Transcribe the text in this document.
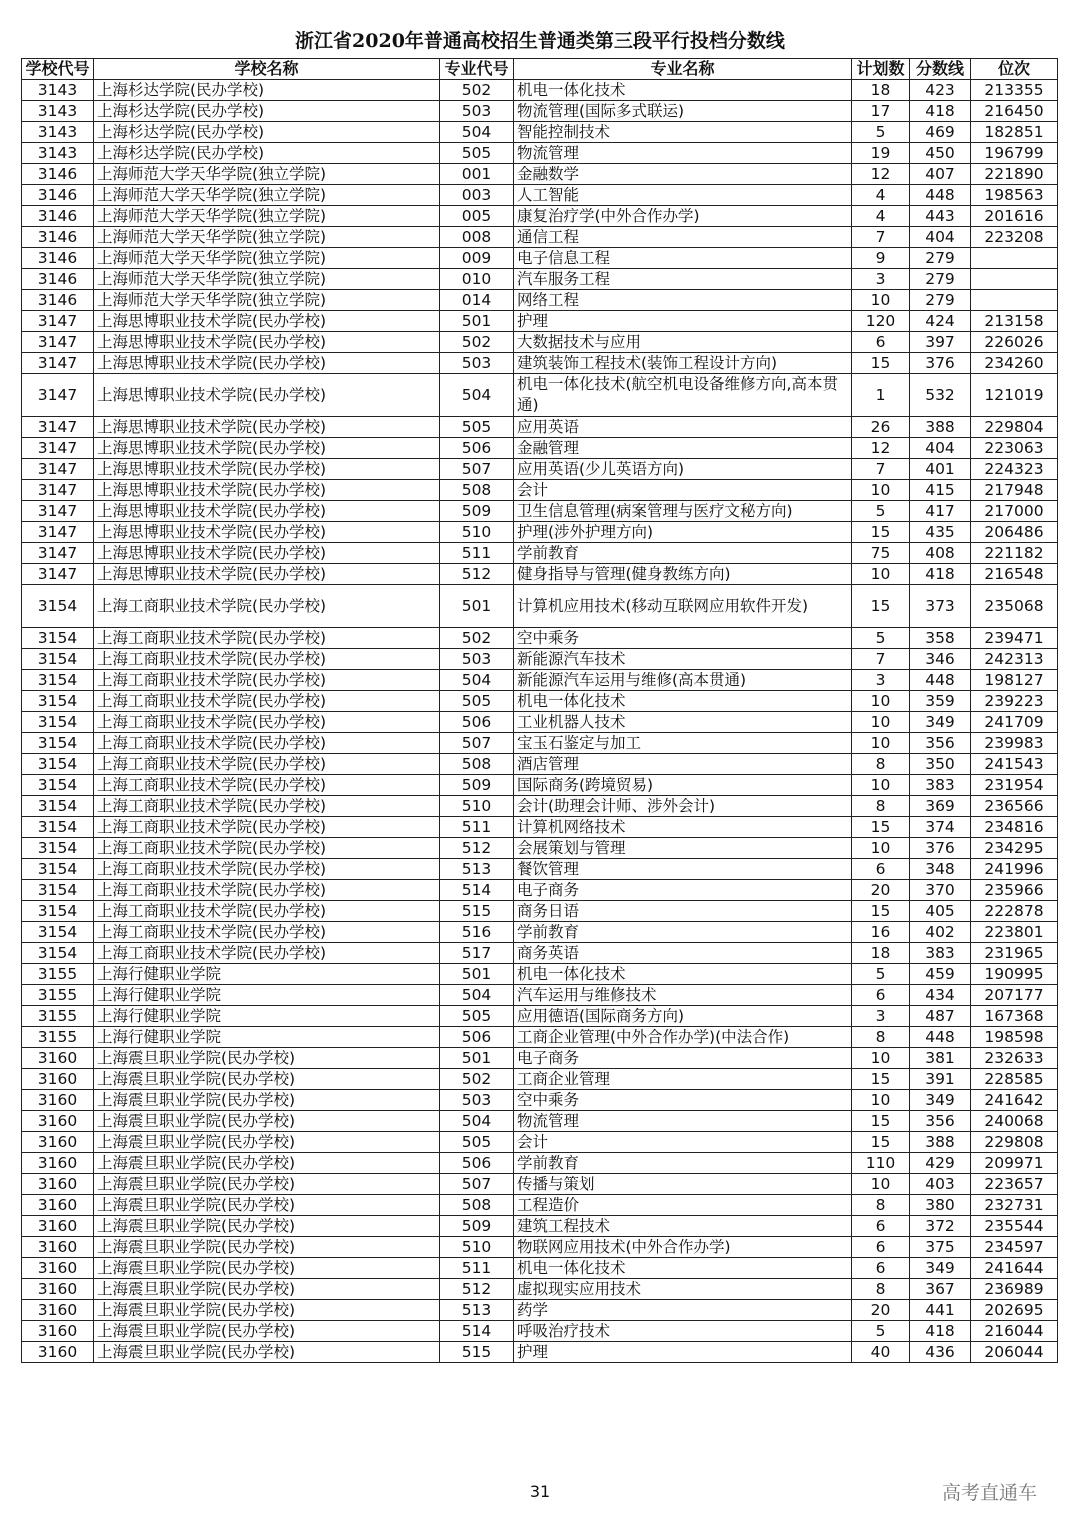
浙江省2020年普通高校招生普通类第三段平行投档分数线
学校代号	学校名称	专业代号	专业名称	计划数	分数线	位次
3143	上海杉达学院(民办学校)	502	机电一体化技术	18	423	213355
3143	上海杉达学院(民办学校)	503	物流管理(国际多式联运)	17	418	216450
3143	上海杉达学院(民办学校)	504	智能控制技术	5	469	182851
3143	上海杉达学院(民办学校)	505	物流管理	19	450	196799
3146	上海师范大学天华学院(独立学院)	001	金融数学	12	407	221890
3146	上海师范大学天华学院(独立学院)	003	人工智能	4	448	198563
3146	上海师范大学天华学院(独立学院)	005	康复治疗学(中外合作办学)	4	443	201616
3146	上海师范大学天华学院(独立学院)	008	通信工程	7	404	223208
3146	上海师范大学天华学院(独立学院)	009	电子信息工程	9	279	
3146	上海师范大学天华学院(独立学院)	010	汽车服务工程	3	279	
3146	上海师范大学天华学院(独立学院)	014	网络工程	10	279	
3147	上海思博职业技术学院(民办学校)	501	护理	120	424	213158
3147	上海思博职业技术学院(民办学校)	502	大数据技术与应用	6	397	226026
3147	上海思博职业技术学院(民办学校)	503	建筑装饰工程技术(装饰工程设计方向)	15	376	234260
3147	上海思博职业技术学院(民办学校)	504	机电一体化技术(航空机电设备维修方向,高本贯通)	1	532	121019
3147	上海思博职业技术学院(民办学校)	505	应用英语	26	388	229804
3147	上海思博职业技术学院(民办学校)	506	金融管理	12	404	223063
3147	上海思博职业技术学院(民办学校)	507	应用英语(少儿英语方向)	7	401	224323
3147	上海思博职业技术学院(民办学校)	508	会计	10	415	217948
3147	上海思博职业技术学院(民办学校)	509	卫生信息管理(病案管理与医疗文秘方向)	5	417	217000
3147	上海思博职业技术学院(民办学校)	510	护理(涉外护理方向)	15	435	206486
3147	上海思博职业技术学院(民办学校)	511	学前教育	75	408	221182
3147	上海思博职业技术学院(民办学校)	512	健身指导与管理(健身教练方向)	10	418	216548
3154	上海工商职业技术学院(民办学校)	501	计算机应用技术(移动互联网应用软件开发)	15	373	235068
3154	上海工商职业技术学院(民办学校)	502	空中乘务	5	358	239471
3154	上海工商职业技术学院(民办学校)	503	新能源汽车技术	7	346	242313
3154	上海工商职业技术学院(民办学校)	504	新能源汽车运用与维修(高本贯通)	3	448	198127
3154	上海工商职业技术学院(民办学校)	505	机电一体化技术	10	359	239223
3154	上海工商职业技术学院(民办学校)	506	工业机器人技术	10	349	241709
3154	上海工商职业技术学院(民办学校)	507	宝玉石鉴定与加工	10	356	239983
3154	上海工商职业技术学院(民办学校)	508	酒店管理	8	350	241543
3154	上海工商职业技术学院(民办学校)	509	国际商务(跨境贸易)	10	383	231954
3154	上海工商职业技术学院(民办学校)	510	会计(助理会计师、涉外会计)	8	369	236566
3154	上海工商职业技术学院(民办学校)	511	计算机网络技术	15	374	234816
3154	上海工商职业技术学院(民办学校)	512	会展策划与管理	10	376	234295
3154	上海工商职业技术学院(民办学校)	513	餐饮管理	6	348	241996
3154	上海工商职业技术学院(民办学校)	514	电子商务	20	370	235966
3154	上海工商职业技术学院(民办学校)	515	商务日语	15	405	222878
3154	上海工商职业技术学院(民办学校)	516	学前教育	16	402	223801
3154	上海工商职业技术学院(民办学校)	517	商务英语	18	383	231965
3155	上海行健职业学院	501	机电一体化技术	5	459	190995
3155	上海行健职业学院	504	汽车运用与维修技术	6	434	207177
3155	上海行健职业学院	505	应用德语(国际商务方向)	3	487	167368
3155	上海行健职业学院	506	工商企业管理(中外合作办学)(中法合作)	8	448	198598
3160	上海震旦职业学院(民办学校)	501	电子商务	10	381	232633
3160	上海震旦职业学院(民办学校)	502	工商企业管理	15	391	228585
3160	上海震旦职业学院(民办学校)	503	空中乘务	10	349	241642
3160	上海震旦职业学院(民办学校)	504	物流管理	15	356	240068
3160	上海震旦职业学院(民办学校)	505	会计	15	388	229808
3160	上海震旦职业学院(民办学校)	506	学前教育	110	429	209971
3160	上海震旦职业学院(民办学校)	507	传播与策划	10	403	223657
3160	上海震旦职业学院(民办学校)	508	工程造价	8	380	232731
3160	上海震旦职业学院(民办学校)	509	建筑工程技术	6	372	235544
3160	上海震旦职业学院(民办学校)	510	物联网应用技术(中外合作办学)	6	375	234597
3160	上海震旦职业学院(民办学校)	511	机电一体化技术	6	349	241644
3160	上海震旦职业学院(民办学校)	512	虚拟现实应用技术	8	367	236989
3160	上海震旦职业学院(民办学校)	513	药学	20	441	202695
3160	上海震旦职业学院(民办学校)	514	呼吸治疗技术	5	418	216044
3160	上海震旦职业学院(民办学校)	515	护理	40	436	206044
31	高考直通车
